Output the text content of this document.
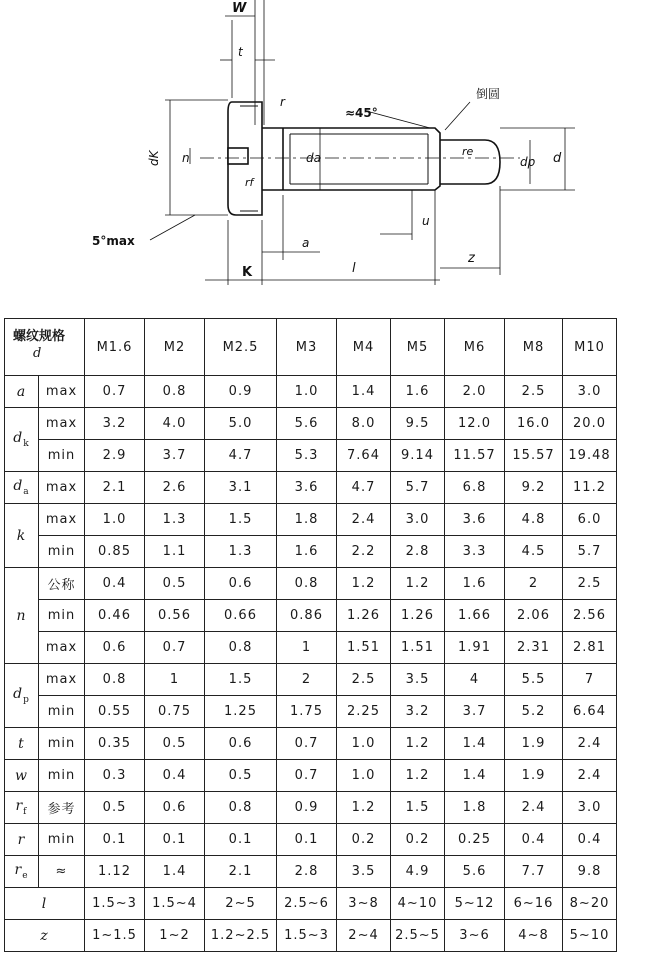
W
t
r
≈45°
倒圆
dK n	da
rf
re
dp d
u
5°max	a
K	l
z
螺纹规格
d		M1.6	M2	M2.5	M3	M4	M5	M6	M8	M10
a	max	0.7	0.8	0.9	1.0	1.4	1.6	2.0	2.5	3.0
$d_k$	max	3.2	4.0	5.0	5.6	8.0	9.5	12.0	16.0	20.0
	min	2.9	3.7	4.7	5.3	7.64	9.14	11.57	15.57	19.48
$d_a$	max	2.1	2.6	3.1	3.6	4.7	5.7	6.8	9.2	11.2
k	max	1.0	1.3	1.5	1.8	2.4	3.0	3.6	4.8	6.0
	min	0.85	1.1	1.3	1.6	2.2	2.8	3.3	4.5	5.7
n	公称	0.4	0.5	0.6	0.8	1.2	1.2	1.6	2	2.5
	min	0.46	0.56	0.66	0.86	1.26	1.26	1.66	2.06	2.56
	max	0.6	0.7	0.8	1	1.51	1.51	1.91	2.31	2.81
$d_p$	max	0.8	1	1.5	2	2.5	3.5	4	5.5	7
	min	0.55	0.75	1.25	1.75	2.25	3.2	3.7	5.2	6.64
t	min	0.35	0.5	0.6	0.7	1.0	1.2	1.4	1.9	2.4
w	min	0.3	0.4	0.5	0.7	1.0	1.2	1.4	1.9	2.4
$r_f$	参考	0.5	0.6	0.8	0.9	1.2	1.5	1.8	2.4	3.0
r	min	0.1	0.1	0.1	0.1	0.2	0.2	0.25	0.4	0.4
$r_e$	≈	1.12	1.4	2.1	2.8	3.5	4.9	5.6	7.7	9.8
l		1.5~3	1.5~4	2~5	2.5~6	3~8	4~10	5~12	6~16	8~20
z		1~1.5	1~2	1.2~2.5	1.5~3	2~4	2.5~5	3~6	4~8	5~10
